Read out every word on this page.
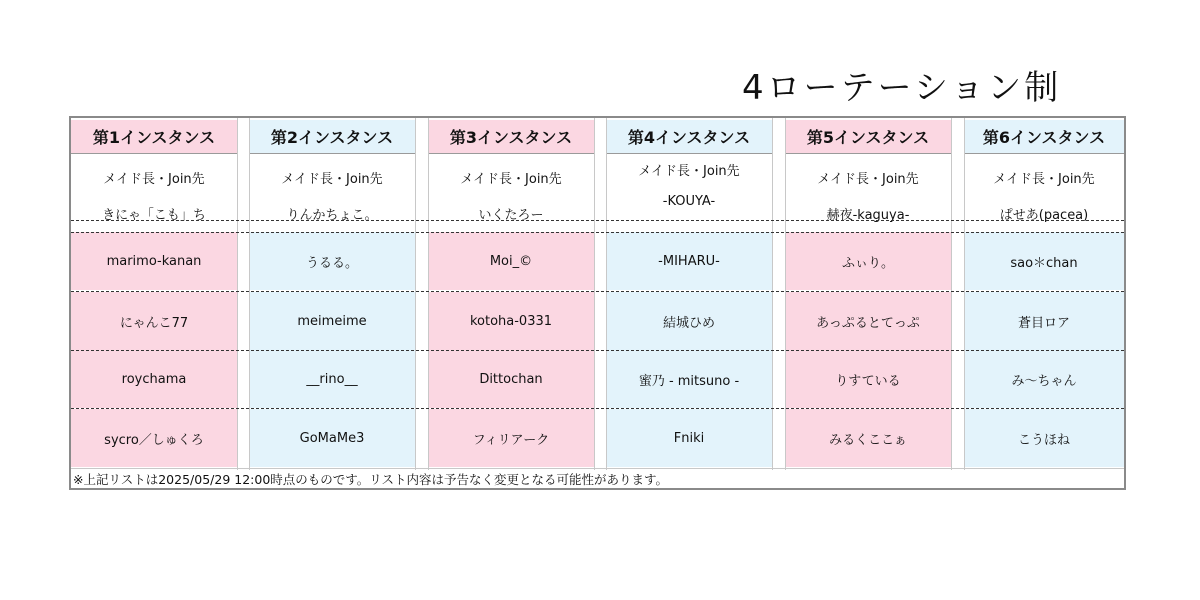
4ローテーション制
第1インスタンス
メイド長・Join先
きにゃ「こも」ち
marimo-kanan
にゃんこ77
roychama
sycro／しゅくろ
第2インスタンス
メイド長・Join先
りんかちょこ。
うるる。
meimeime
__rino__
GoMaMe3
第3インスタンス
メイド長・Join先
いくたろー
Moi_©
kotoha-0331
Dittochan
フィリアーク
第4インスタンス
メイド長・Join先
-KOUYA-
-MIHARU-
結城ひめ
蜜乃 - mitsuno -
Fniki
第5インスタンス
メイド長・Join先
赫夜-kaguya-
ふぃり。
あっぷるとてっぷ
りすている
みるくここぁ
第6インスタンス
メイド長・Join先
ぱせあ(pacea)
sao＊chan
蒼目ロア
み～ちゃん
こうほね
※上記リストは2025/05/29 12:00時点のものです。リスト内容は予告なく変更となる可能性があります。
